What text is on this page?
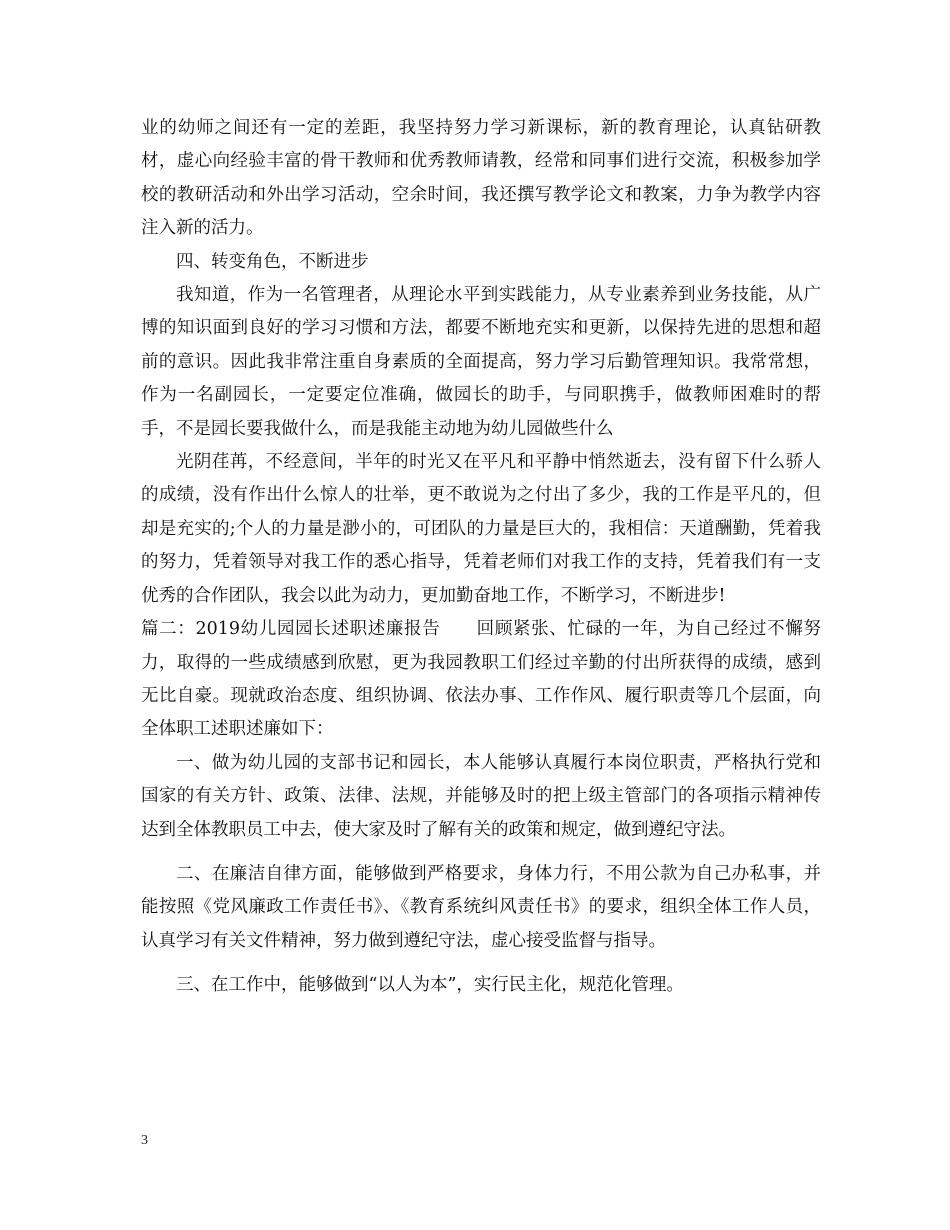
业的幼师之间还有一定的差距，我坚持努力学习新课标，新的教育理论，认真钻研教材，虚心向经验丰富的骨干教师和优秀教师请教，经常和同事们进行交流，积极参加学校的教研活动和外出学习活动，空余时间，我还撰写教学论文和教案，力争为教学内容注入新的活力。

四、转变角色，不断进步

我知道，作为一名管理者，从理论水平到实践能力，从专业素养到业务技能，从广博的知识面到良好的学习习惯和方法，都要不断地充实和更新，以保持先进的思想和超前的意识。因此我非常注重自身素质的全面提高，努力学习后勤管理知识。我常常想，作为一名副园长，一定要定位准确，做园长的助手，与同职携手，做教师困难时的帮手，不是园长要我做什么，而是我能主动地为幼儿园做些什么

光阴荏苒，不经意间，半年的时光又在平凡和平静中悄然逝去，没有留下什么骄人的成绩，没有作出什么惊人的壮举，更不敢说为之付出了多少，我的工作是平凡的，但却是充实的;个人的力量是渺小的，可团队的力量是巨大的，我相信：天道酬勤，凭着我的努力，凭着领导对我工作的悉心指导，凭着老师们对我工作的支持，凭着我们有一支优秀的合作团队，我会以此为动力，更加勤奋地工作，不断学习，不断进步!

篇二：2019幼儿园园长述职述廉报告　　回顾紧张、忙碌的一年，为自己经过不懈努力，取得的一些成绩感到欣慰，更为我园教职工们经过辛勤的付出所获得的成绩，感到无比自豪。现就政治态度、组织协调、依法办事、工作作风、履行职责等几个层面，向全体职工述职述廉如下：

一、做为幼儿园的支部书记和园长，本人能够认真履行本岗位职责，严格执行党和国家的有关方针、政策、法律、法规，并能够及时的把上级主管部门的各项指示精神传达到全体教职员工中去，使大家及时了解有关的政策和规定，做到遵纪守法。

二、在廉洁自律方面，能够做到严格要求，身体力行，不用公款为自己办私事，并能按照《党风廉政工作责任书》、《教育系统纠风责任书》的要求，组织全体工作人员，认真学习有关文件精神，努力做到遵纪守法，虚心接受监督与指导。

三、在工作中，能够做到“以人为本”，实行民主化，规范化管理。

3
